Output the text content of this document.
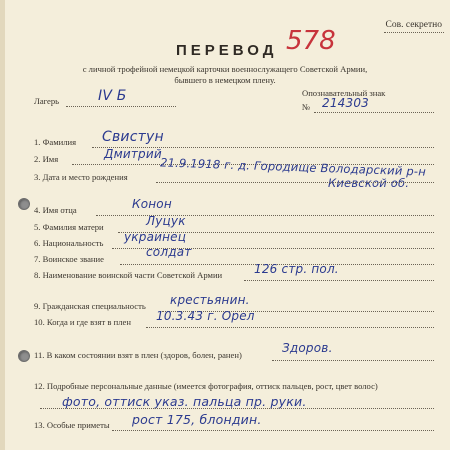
Сов. секретно
ПЕРЕВОД 578
с личной трофейной немецкой карточки военнослужащего Советской Армии,
бывшего в немецком плену.
Лагерь	IV Б	Опознавательный знак
№ 214303
1. Фамилия Свистун
2. Имя	Дмитрий
3. Дата и место рождения	21.9.1918 г. д. Городище Володарский р-н
Киевской об.
4. Имя отца	Конон
5. Фамилия матери	Луцук
6. Национальность украинец
7. Воинское звание	солдат
8. Наименование воинской части Советской Армии	126 стр. пол.
9. Гражданская специальность крестьянин.
10. Когда и где взят в плен 10.3.43 г. Орел
11. В каком состоянии взят в плен (здоров, болен, ранен)	Здоров.
12. Подробные персональные данные (имеется фотография, оттиск пальцев, рост, цвет волос)
фото, оттиск указ. пальца пр. руки.
13. Особые приметы рост 175, блондин.
